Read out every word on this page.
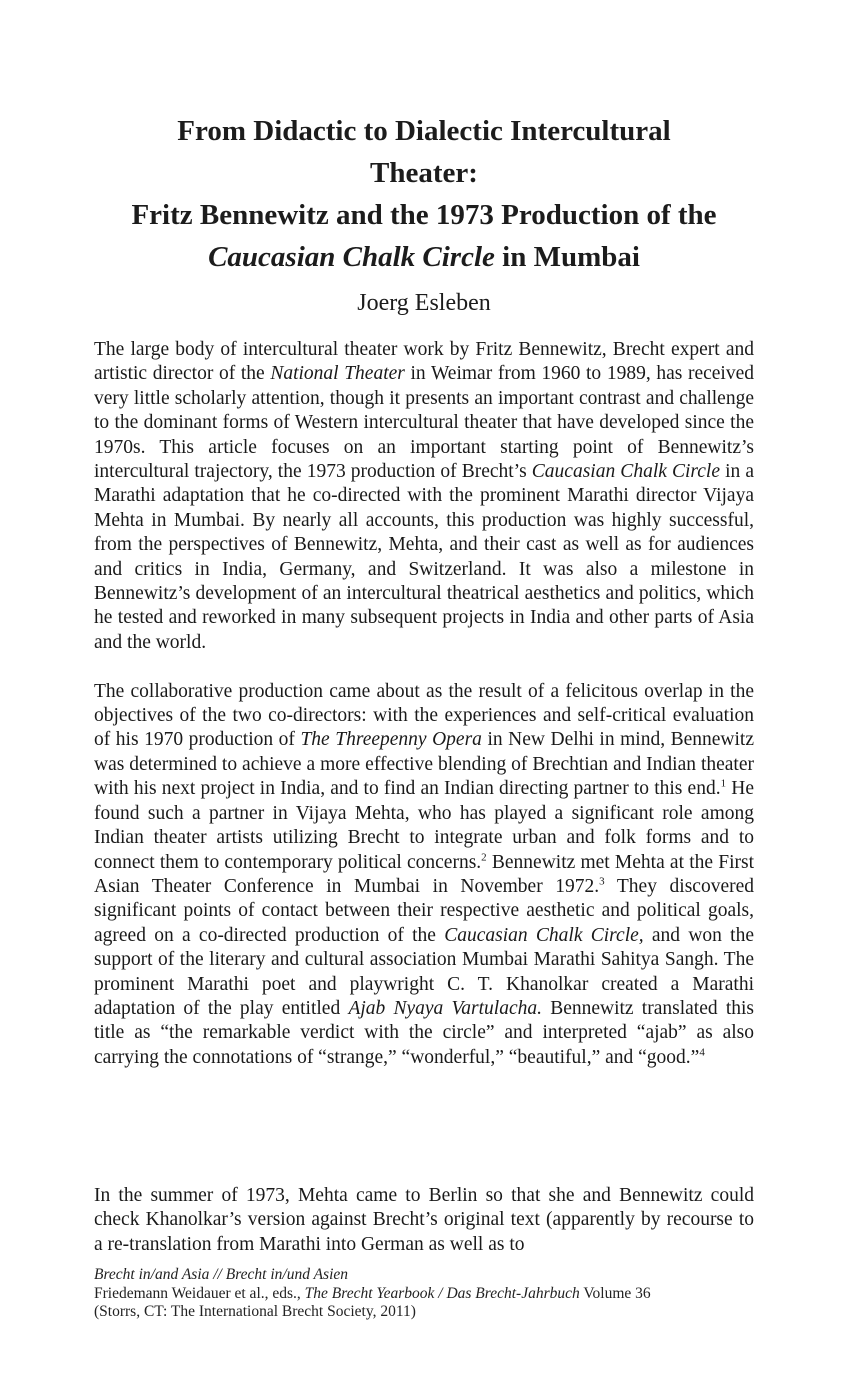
From Didactic to Dialectic Intercultural
Theater:
Fritz Bennewitz and the 1973 Production of the
Caucasian Chalk Circle in Mumbai
Joerg Esleben

The large body of intercultural theater work by Fritz Bennewitz, Brecht expert and artistic director of the National Theater in Weimar from 1960 to 1989, has received very little scholarly attention, though it presents an important contrast and challenge to the dominant forms of Western intercultural theater that have developed since the 1970s. This article focuses on an important starting point of Bennewitz’s intercultural trajectory, the 1973 production of Brecht’s Caucasian Chalk Circle in a Marathi adaptation that he co-directed with the prominent Marathi director Vijaya Mehta in Mumbai. By nearly all accounts, this production was highly successful, from the perspectives of Bennewitz, Mehta, and their cast as well as for audiences and critics in India, Germany, and Switzerland. It was also a milestone in Bennewitz’s development of an intercultural theatrical aesthetics and politics, which he tested and reworked in many subsequent projects in India and other parts of Asia and the world.

The collaborative production came about as the result of a felicitous overlap in the objectives of the two co-directors: with the experiences and self-critical evaluation of his 1970 production of The Threepenny Opera in New Delhi in mind, Bennewitz was determined to achieve a more effective blending of Brechtian and Indian theater with his next project in India, and to find an Indian directing partner to this end.$^1$ He found such a partner in Vijaya Mehta, who has played a significant role among Indian theater artists utilizing Brecht to integrate urban and folk forms and to connect them to contemporary political concerns.$^2$ Bennewitz met Mehta at the First Asian Theater Conference in Mumbai in November 1972.$^3$ They discovered significant points of contact between their respective aesthetic and political goals, agreed on a co-directed production of the Caucasian Chalk Circle, and won the support of the literary and cultural association Mumbai Marathi Sahitya Sangh. The prominent Marathi poet and playwright C. T. Khanolkar created a Marathi adaptation of the play entitled Ajab Nyaya Vartulacha. Bennewitz translated this title as “the remarkable verdict with the circle” and interpreted “ajab” as also carrying the connotations of “strange,” “wonderful,” “beautiful,” and “good.”$^4$

In the summer of 1973, Mehta came to Berlin so that she and Bennewitz could check Khanolkar’s version against Brecht’s original text (apparently by recourse to a re-translation from Marathi into German as well as to

Brecht in/and Asia // Brecht in/und Asien
Friedemann Weidauer et al., eds., The Brecht Yearbook / Das Brecht-Jahrbuch Volume 36
(Storrs, CT: The International Brecht Society, 2011)
